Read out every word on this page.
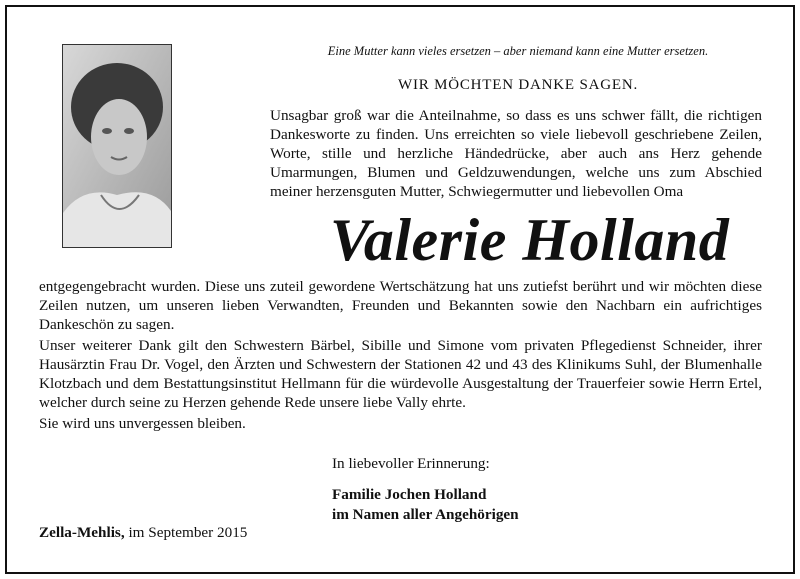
Eine Mutter kann vieles ersetzen – aber niemand kann eine Mutter ersetzen.
WIR MÖCHTEN DANKE SAGEN.
Unsagbar groß war die Anteilnahme, so dass es uns schwer fällt, die richtigen Dankesworte zu finden. Uns erreichten so viele liebevoll geschriebene Zeilen, Worte, stille und herzliche Händedrücke, aber auch ans Herz gehende Umarmungen, Blumen und Geldzuwendungen, welche uns zum Abschied meiner herzensguten Mutter, Schwiegermutter und liebevollen Oma
Valerie Holland

entgegengebracht wurden. Diese uns zuteil gewordene Wertschätzung hat uns zutiefst berührt und wir möchten diese Zeilen nutzen, um unseren lieben Verwandten, Freunden und Bekannten sowie den Nachbarn ein aufrichtiges Dankeschön zu sagen.

Unser weiterer Dank gilt den Schwestern Bärbel, Sibille und Simone vom privaten Pflegedienst Schneider, ihrer Hausärztin Frau Dr. Vogel, den Ärzten und Schwestern der Stationen 42 und 43 des Klinikums Suhl, der Blumenhalle Klotzbach und dem Bestattungsinstitut Hellmann für die würdevolle Ausgestaltung der Trauerfeier sowie Herrn Ertel, welcher durch seine zu Herzen gehende Rede unsere liebe Vally ehrte.

Sie wird uns unvergessen bleiben.

In liebevoller Erinnerung:
Familie Jochen Holland
im Namen aller Angehörigen
Zella-Mehlis, im September 2015
